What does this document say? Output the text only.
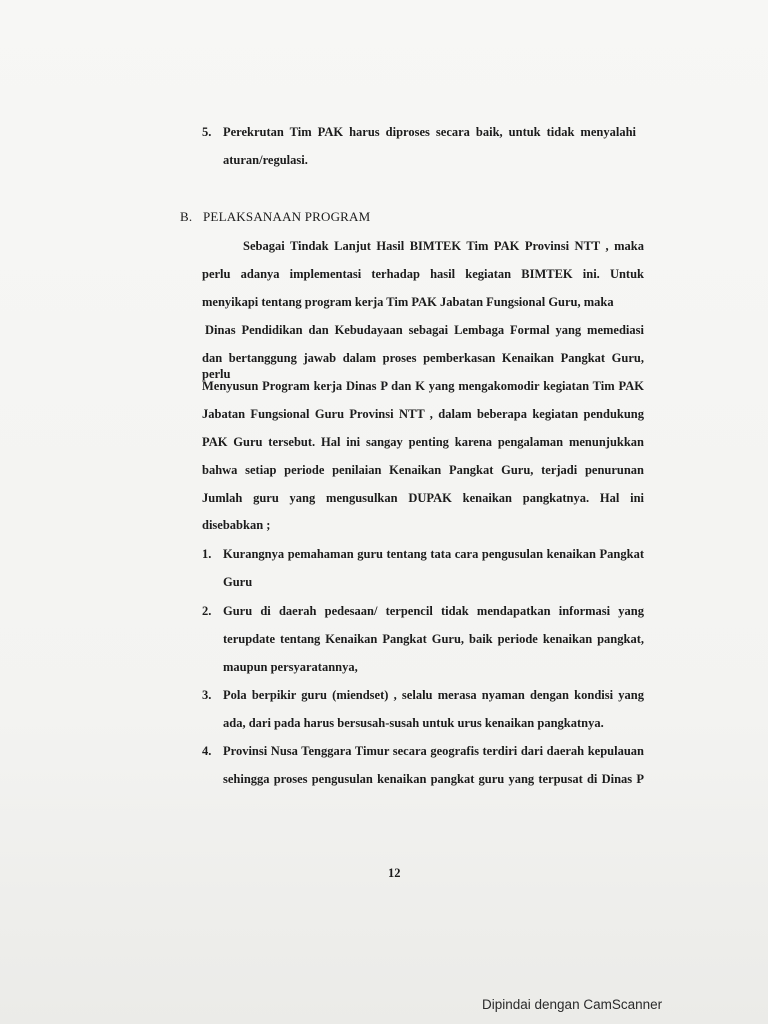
5. Perekrutan Tim PAK harus diproses secara baik, untuk tidak menyalahi
aturan/regulasi.
B. PELAKSANAAN PROGRAM
Sebagai Tindak Lanjut Hasil BIMTEK Tim PAK Provinsi NTT , maka
perlu adanya implementasi terhadap hasil kegiatan BIMTEK ini. Untuk
menyikapi tentang program kerja Tim PAK Jabatan Fungsional Guru, maka
Dinas Pendidikan dan Kebudayaan sebagai Lembaga Formal yang memediasi
dan bertanggung jawab dalam proses pemberkasan Kenaikan Pangkat Guru, perlu
Menyusun Program kerja Dinas P dan K yang mengakomodir kegiatan Tim PAK
Jabatan Fungsional Guru Provinsi NTT , dalam beberapa kegiatan pendukung
PAK Guru tersebut. Hal ini sangay penting karena pengalaman menunjukkan
bahwa setiap periode penilaian Kenaikan Pangkat Guru, terjadi penurunan
Jumlah guru yang mengusulkan DUPAK kenaikan pangkatnya. Hal ini
disebabkan ;
1. Kurangnya pemahaman guru tentang tata cara pengusulan kenaikan Pangkat
Guru
2. Guru di daerah pedesaan/ terpencil tidak mendapatkan informasi yang
terupdate tentang Kenaikan Pangkat Guru, baik periode kenaikan pangkat,
maupun persyaratannya,
3. Pola berpikir guru (miendset) , selalu merasa nyaman dengan kondisi yang
ada, dari pada harus bersusah-susah untuk urus kenaikan pangkatnya.
4. Provinsi Nusa Tenggara Timur secara geografis terdiri dari daerah kepulauan
sehingga proses pengusulan kenaikan pangkat guru yang terpusat di Dinas P
12
Dipindai dengan CamScanner
